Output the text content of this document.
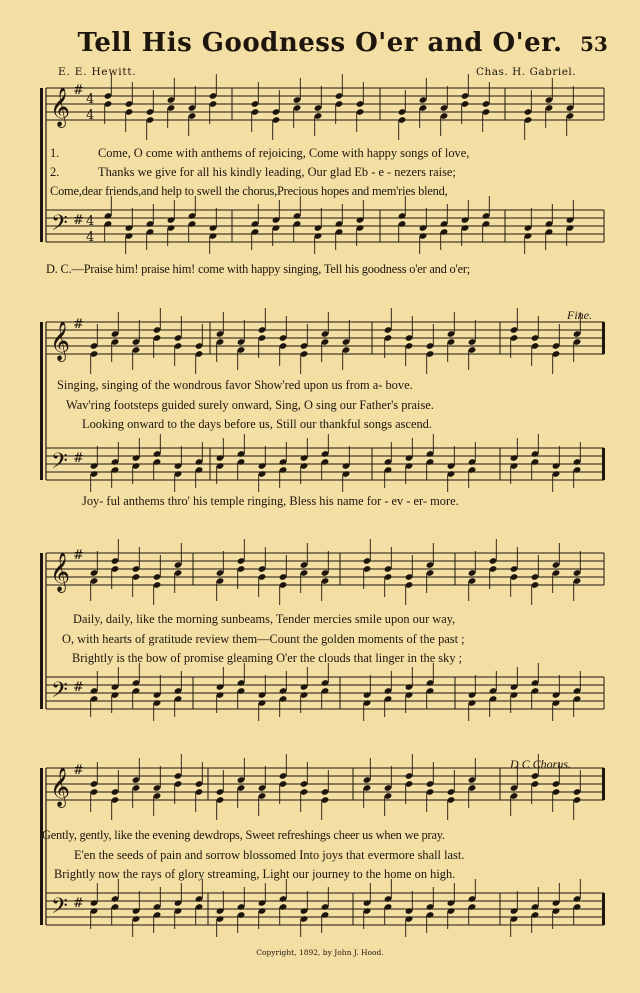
Tell His Goodness O'er and O'er. 53
E. E. Hewitt.	Chas. H. Gabriel.
𝄞
𝄢
#
#
4
4
4
4
𝄞
𝄢
#
#
𝄞
𝄢
#
#
𝄞
𝄢
#
#
1.
2.
Come, O come with anthems of rejoicing, Come with happy songs of love,
Thanks we give for all his kindly leading, Our glad Eb - e - nezers raise;
Come,dear friends,and help to swell the chorus,Precious hopes and mem'ries blend,
D. C.—Praise him! praise him! come with happy singing, Tell his goodness o'er and o'er;
Fine.
Singing, singing of the wondrous favor Show'red upon us from a- bove.
Wav'ring footsteps guided surely onward, Sing, O sing our Father's praise.
Looking onward to the days before us, Still our thankful songs ascend.
Joy- ful anthems thro' his temple ringing, Bless his name for - ev - er- more.
Daily, daily, like the morning sunbeams, Tender mercies smile upon our way,
O, with hearts of gratitude review them—Count the golden moments of the past ;
Brightly is the bow of promise gleaming O'er the clouds that linger in the sky ;
D C Chorus.
Gently, gently, like the evening dewdrops, Sweet refreshings cheer us when we pray.
E'en the seeds of pain and sorrow blossomed Into joys that evermore shall last.
Brightly now the rays of glory streaming, Light our journey to the home on high.
Copyright, 1892, by John J. Hood.
